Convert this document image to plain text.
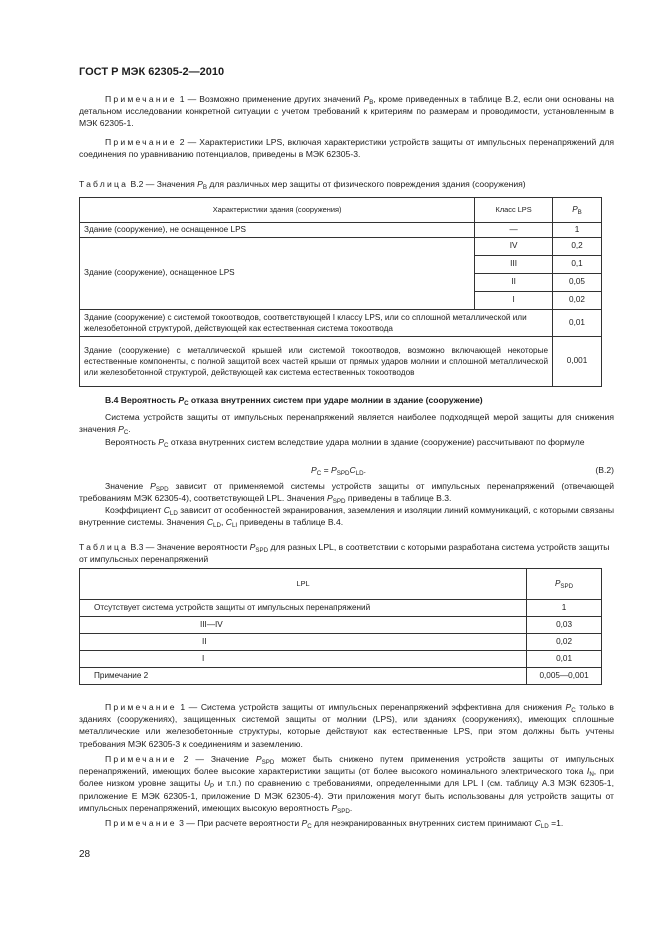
ГОСТ Р МЭК 62305-2—2010
Примечание 1 — Возможно применение других значений $P_B$, кроме приведенных в таблице В.2, если они основаны на детальном исследовании конкретной ситуации с учетом требований к критериям по размерам и проводимости, установленным в МЭК 62305-1.
Примечание 2 — Характеристики LPS, включая характеристики устройств защиты от импульсных перенапряжений для соединения по уравниванию потенциалов, приведены в МЭК 62305-3.
Таблица В.2 — Значения $P_B$ для различных мер защиты от физического повреждения здания (сооружения)
Характеристики здания (сооружения)	Класс LPS	$P_B$
Здание (сооружение), не оснащенное LPS	—	1
Здание (сооружение), оснащенное LPS	IV	0,2
	III	0,1
	II	0,05
	I	0,02
Здание (сооружение) с системой токоотводов, соответствующей I классу LPS, или со сплошной металлической или железобетонной структурой, действующей как естественная система токоотвода		0,01
Здание (сооружение) с металлической крышей или системой токоотводов, возможно включающей некоторые естественные компоненты, с полной защитой всех частей крыши от прямых ударов молнии и сплошной металлической или железобетонной структурой, действующей как система естественных токоотводов		0,001
В.4 Вероятность $P_C$ отказа внутренних систем при ударе молнии в здание (сооружение)
Система устройств защиты от импульсных перенапряжений является наиболее подходящей мерой защиты для снижения значения $P_C$.
Вероятность $P_C$ отказа внутренних систем вследствие удара молнии в здание (сооружение) рассчитывают по формуле
$P_C = P_{SPD}C_{LD}$.	(B.2)
Значение $P_{SPD}$ зависит от применяемой системы устройств защиты от импульсных перенапряжений (отвечающей требованиям МЭК 62305-4), соответствующей LPL. Значения $P_{SPD}$ приведены в таблице В.3.
Коэффициент $C_{LD}$ зависит от особенностей экранирования, заземления и изоляции линий коммуникаций, с которыми связаны внутренние системы. Значения $C_{LD}$, $C_{LI}$ приведены в таблице В.4.
Таблица В.3 — Значение вероятности $P_{SPD}$ для разных LPL, в соответствии с которыми разработана система устройств защиты от импульсных перенапряжений
LPL	$P_{SPD}$
Отсутствует система устройств защиты от импульсных перенапряжений	1
III—IV	0,03
II	0,02
I	0,01
Примечание 2	0,005—0,001
Примечание 1 — Система устройств защиты от импульсных перенапряжений эффективна для снижения $P_C$ только в зданиях (сооружениях), защищенных системой защиты от молнии (LPS), или зданиях (сооружениях), имеющих сплошные металлические или железобетонные структуры, которые действуют как естественные LPS, при этом должны быть учтены требования МЭК 62305-3 к соединениям и заземлению.
Примечание 2 — Значение $P_{SPD}$ может быть снижено путем применения устройств защиты от импульсных перенапряжений, имеющих более высокие характеристики защиты (от более высокого номинального электрического тока $I_N$, при более низком уровне защиты $U_P$ и т.п.) по сравнению с требованиями, определенными для LPL I (см. таблицу А.3 МЭК 62305-1, приложение Е МЭК 62305-1, приложение D МЭК 62305-4). Эти приложения могут быть использованы для устройств защиты от импульсных перенапряжений, имеющих высокую вероятность $P_{SPD}$.
Примечание 3 — При расчете вероятности $P_C$ для неэкранированных внутренних систем принимают $C_{LD} =1$.
28
